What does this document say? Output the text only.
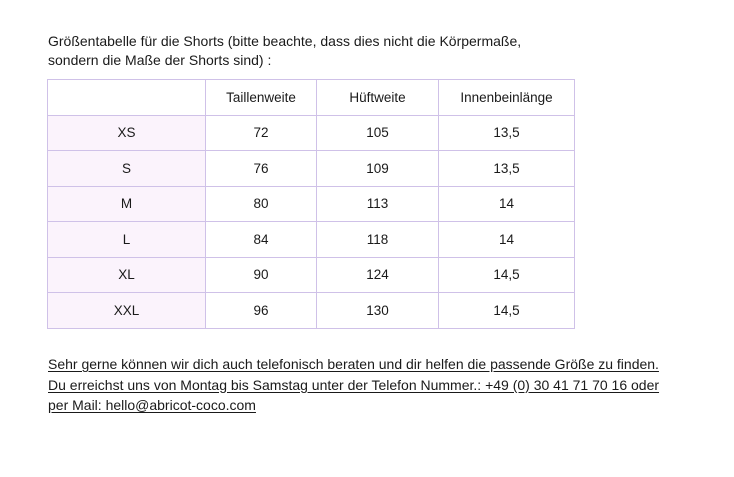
Größentabelle für die Shorts (bitte beachte, dass dies nicht die Körpermaße,
sondern die Maße der Shorts sind) :

	Taillenweite	Hüftweite	Innenbeinlänge
XS	72	105	13,5
S	76	109	13,5
M	80	113	14
L	84	118	14
XL	90	124	14,5
XXL	96	130	14,5

Sehr gerne können wir dich auch telefonisch beraten und dir helfen die passende Größe zu finden.
Du erreichst uns von Montag bis Samstag unter der Telefon Nummer.: +49 (0) 30 41 71 70 16 oder
per Mail: hello@abricot-coco.com
